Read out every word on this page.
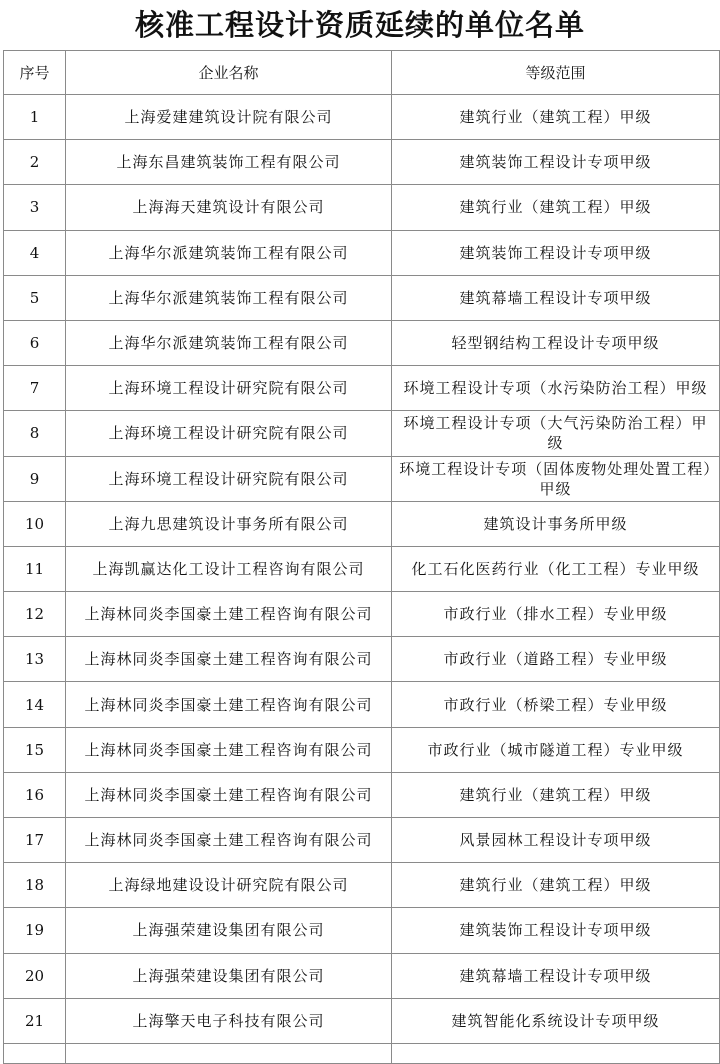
核准工程设计资质延续的单位名单
序号	企业名称	等级范围
1	上海爱建建筑设计院有限公司	建筑行业（建筑工程）甲级
2	上海东昌建筑装饰工程有限公司	建筑装饰工程设计专项甲级
3	上海海天建筑设计有限公司	建筑行业（建筑工程）甲级
4	上海华尔派建筑装饰工程有限公司	建筑装饰工程设计专项甲级
5	上海华尔派建筑装饰工程有限公司	建筑幕墙工程设计专项甲级
6	上海华尔派建筑装饰工程有限公司	轻型钢结构工程设计专项甲级
7	上海环境工程设计研究院有限公司	环境工程设计专项（水污染防治工程）甲级
8	上海环境工程设计研究院有限公司	环境工程设计专项（大气污染防治工程）甲级
9	上海环境工程设计研究院有限公司	环境工程设计专项（固体废物处理处置工程）甲级
10	上海九思建筑设计事务所有限公司	建筑设计事务所甲级
11	上海凯赢达化工设计工程咨询有限公司	化工石化医药行业（化工工程）专业甲级
12	上海林同炎李国豪土建工程咨询有限公司	市政行业（排水工程）专业甲级
13	上海林同炎李国豪土建工程咨询有限公司	市政行业（道路工程）专业甲级
14	上海林同炎李国豪土建工程咨询有限公司	市政行业（桥梁工程）专业甲级
15	上海林同炎李国豪土建工程咨询有限公司	市政行业（城市隧道工程）专业甲级
16	上海林同炎李国豪土建工程咨询有限公司	建筑行业（建筑工程）甲级
17	上海林同炎李国豪土建工程咨询有限公司	风景园林工程设计专项甲级
18	上海绿地建设设计研究院有限公司	建筑行业（建筑工程）甲级
19	上海强荣建设集团有限公司	建筑装饰工程设计专项甲级
20	上海强荣建设集团有限公司	建筑幕墙工程设计专项甲级
21	上海擎天电子科技有限公司	建筑智能化系统设计专项甲级
